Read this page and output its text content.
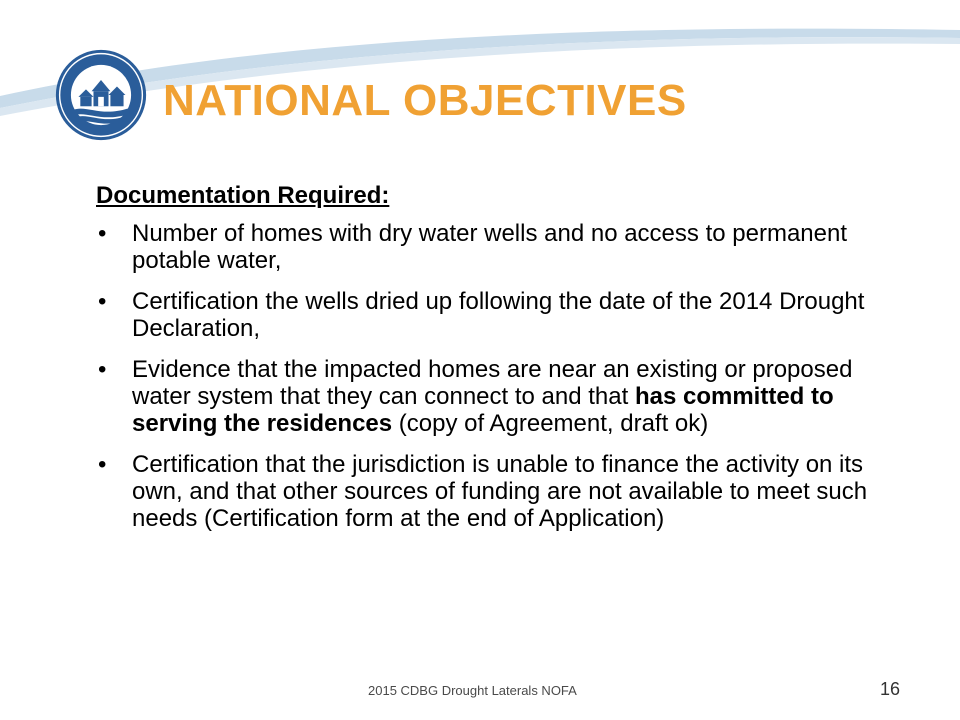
NATIONAL OBJECTIVES
Documentation Required:
• Number of homes with dry water wells and no access to permanent potable water,
• Certification the wells dried up following the date of the 2014 Drought Declaration,
• Evidence that the impacted homes are near an existing or proposed water system that they can connect to and that has committed to serving the residences (copy of Agreement, draft ok)
• Certification that the jurisdiction is unable to finance the activity on its own, and that other sources of funding are not available to meet such needs (Certification form at the end of Application)
2015 CDBG Drought Laterals NOFA	16
